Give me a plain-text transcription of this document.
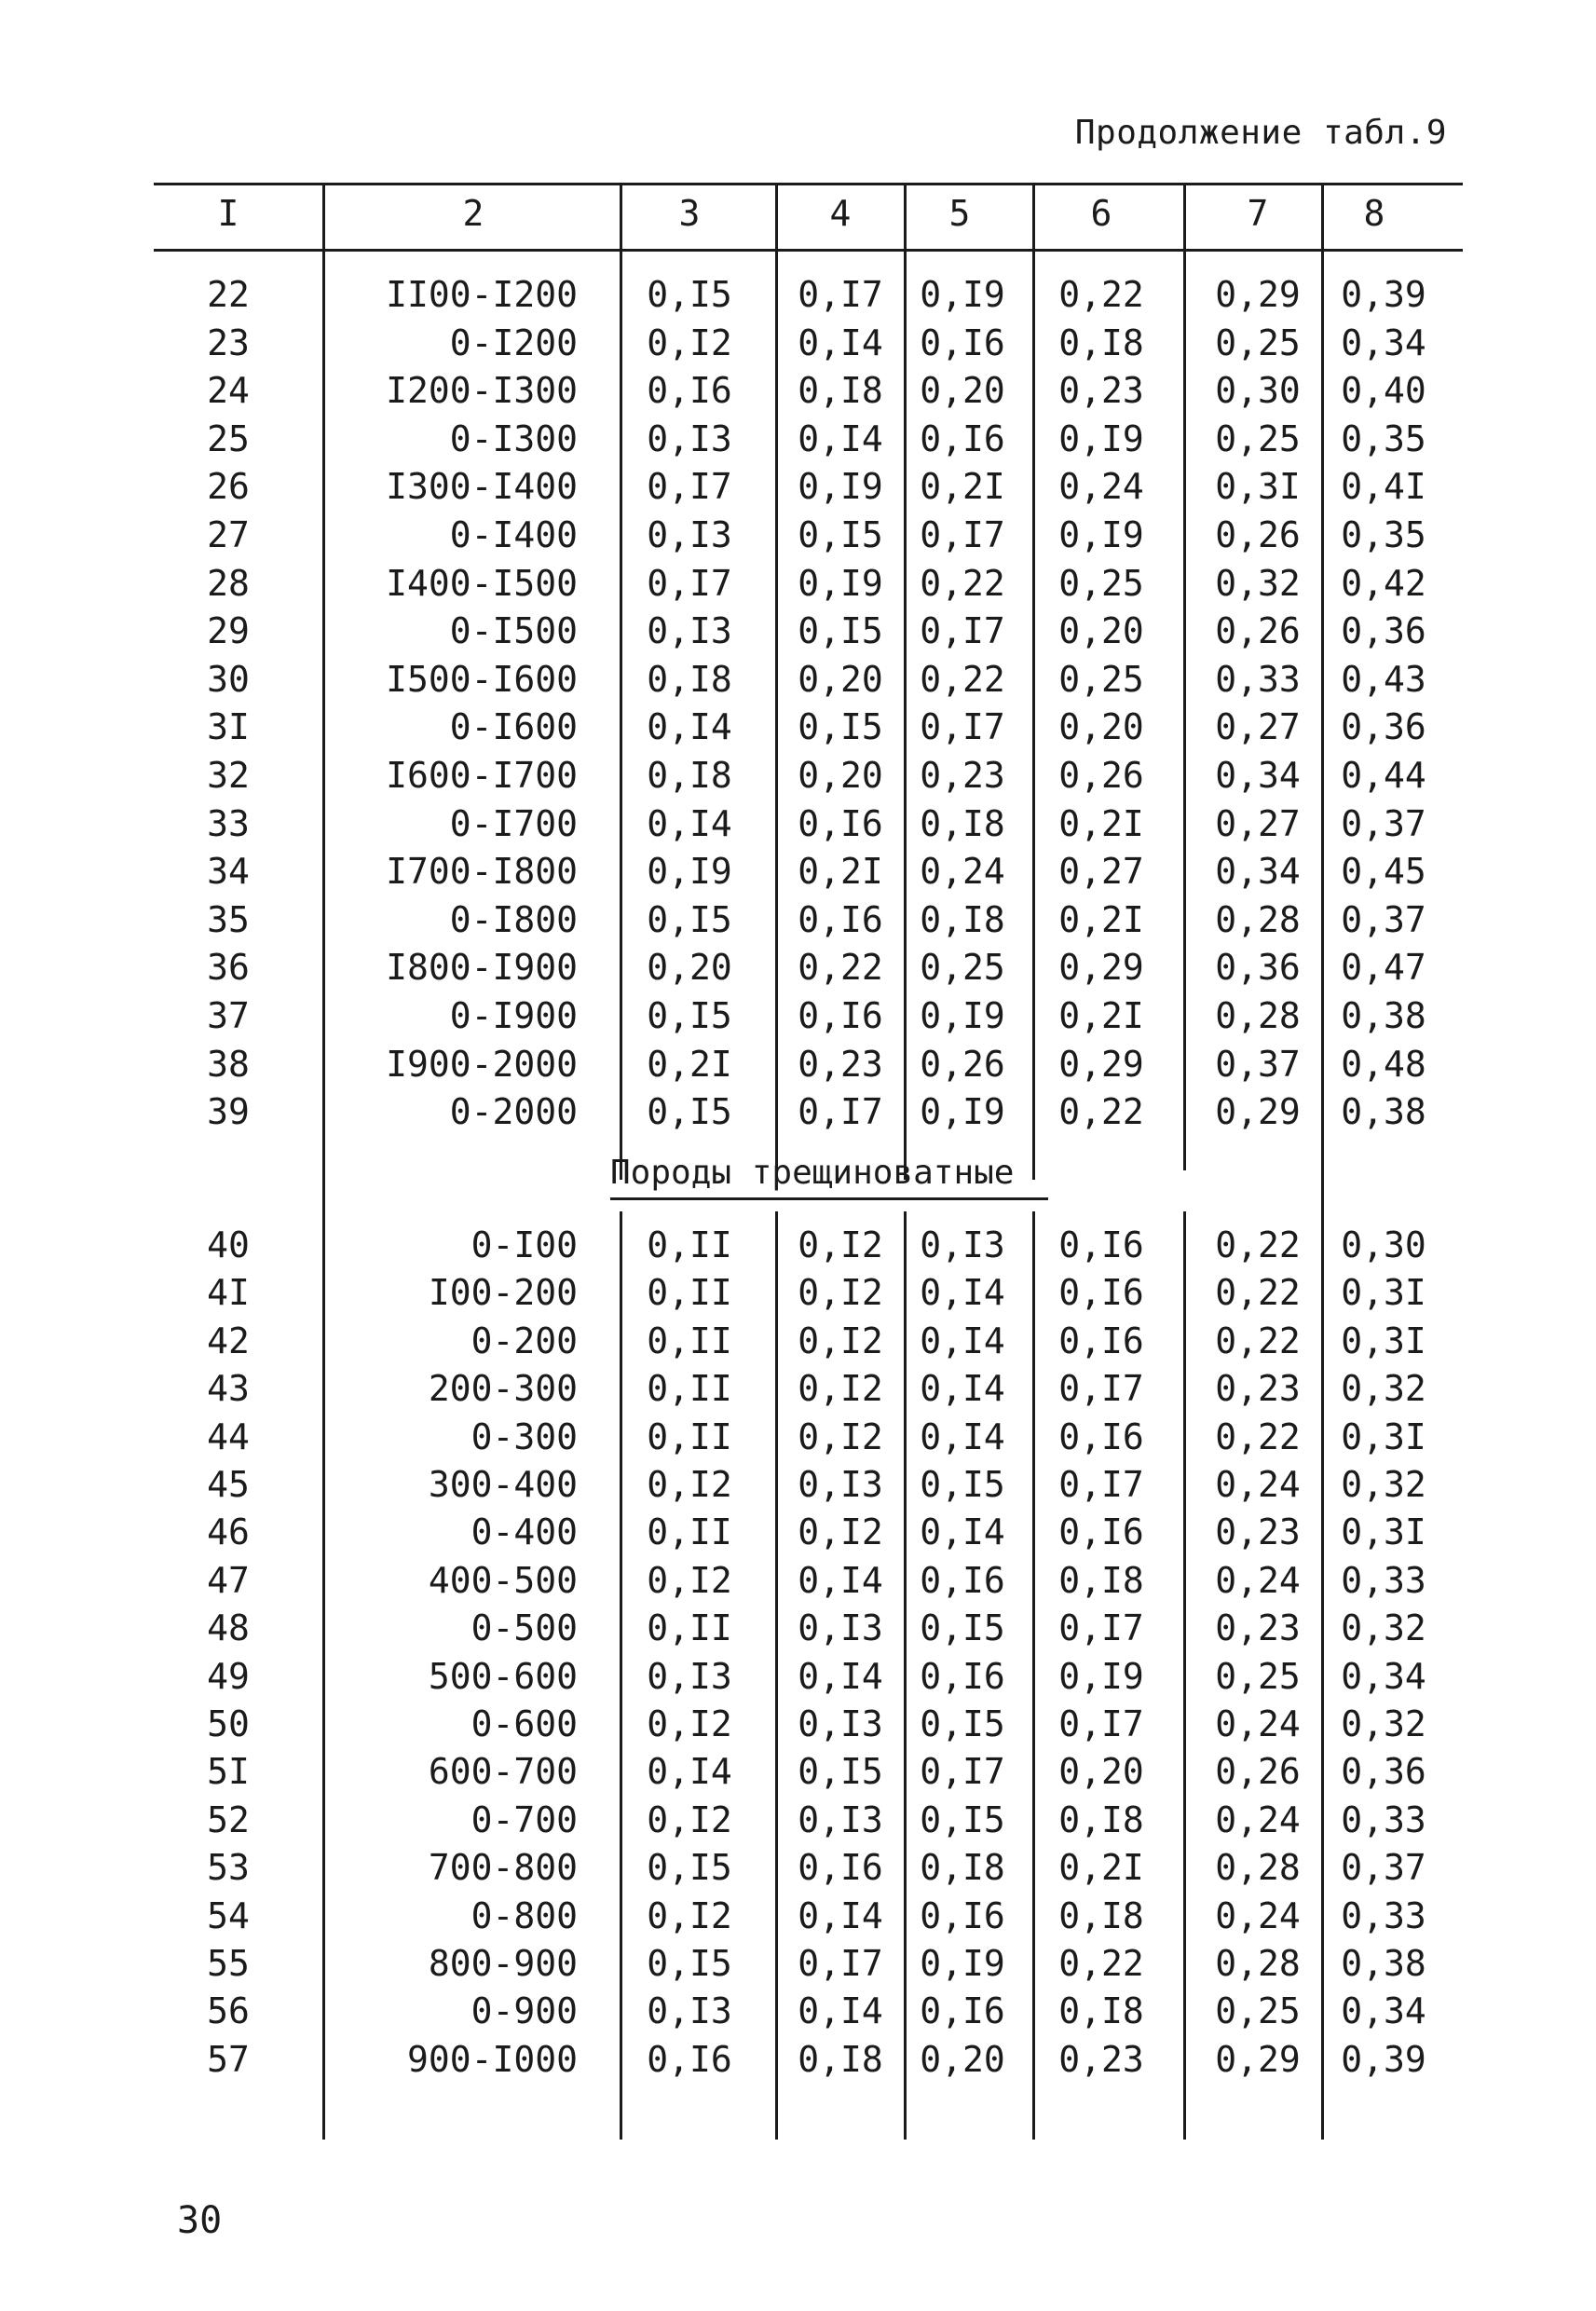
Продолжение табл.9
I	2	3	4	5	6	7	8
22	II00-I200 0,I5 0,I7 0,I9 0,22 0,29 0,39
23	0-I200 0,I2 0,I4 0,I6 0,I8 0,25 0,34
24	I200-I300 0,I6 0,I8 0,20 0,23 0,30 0,40
25	0-I300 0,I3 0,I4 0,I6 0,I9 0,25 0,35
26	I300-I400 0,I7 0,I9 0,2I 0,24 0,3I 0,4I
27	0-I400 0,I3 0,I5 0,I7 0,I9 0,26 0,35
28	I400-I500 0,I7 0,I9 0,22 0,25 0,32 0,42
29	0-I500 0,I3 0,I5 0,I7 0,20 0,26 0,36
30	I500-I600 0,I8 0,20 0,22 0,25 0,33 0,43
3I	0-I600 0,I4 0,I5 0,I7 0,20 0,27 0,36
32	I600-I700 0,I8 0,20 0,23 0,26 0,34 0,44
33	0-I700 0,I4 0,I6 0,I8 0,2I 0,27 0,37
34	I700-I800 0,I9 0,2I 0,24 0,27 0,34 0,45
35	0-I800 0,I5 0,I6 0,I8 0,2I 0,28 0,37
36	I800-I900 0,20 0,22 0,25 0,29 0,36 0,47
37	0-I900 0,I5 0,I6 0,I9 0,2I 0,28 0,38
38	I900-2000 0,2I 0,23 0,26 0,29 0,37 0,48
39	0-2000 0,I5 0,I7 0,I9 0,22 0,29 0,38
Породы трещиноватные
40	0-I00 0,II 0,I2 0,I3 0,I6 0,22 0,30
4I	I00-200 0,II 0,I2 0,I4 0,I6 0,22 0,3I
42	0-200 0,II 0,I2 0,I4 0,I6 0,22 0,3I
43	200-300 0,II 0,I2 0,I4 0,I7 0,23 0,32
44	0-300 0,II 0,I2 0,I4 0,I6 0,22 0,3I
45	300-400 0,I2 0,I3 0,I5 0,I7 0,24 0,32
46	0-400 0,II 0,I2 0,I4 0,I6 0,23 0,3I
47	400-500 0,I2 0,I4 0,I6 0,I8 0,24 0,33
48	0-500 0,II 0,I3 0,I5 0,I7 0,23 0,32
49	500-600 0,I3 0,I4 0,I6 0,I9 0,25 0,34
50	0-600 0,I2 0,I3 0,I5 0,I7 0,24 0,32
5I	600-700 0,I4 0,I5 0,I7 0,20 0,26 0,36
52	0-700 0,I2 0,I3 0,I5 0,I8 0,24 0,33
53	700-800 0,I5 0,I6 0,I8 0,2I 0,28 0,37
54	0-800 0,I2 0,I4 0,I6 0,I8 0,24 0,33
55	800-900 0,I5 0,I7 0,I9 0,22 0,28 0,38
56	0-900 0,I3 0,I4 0,I6 0,I8 0,25 0,34
57	900-I000 0,I6 0,I8 0,20 0,23 0,29 0,39
30
